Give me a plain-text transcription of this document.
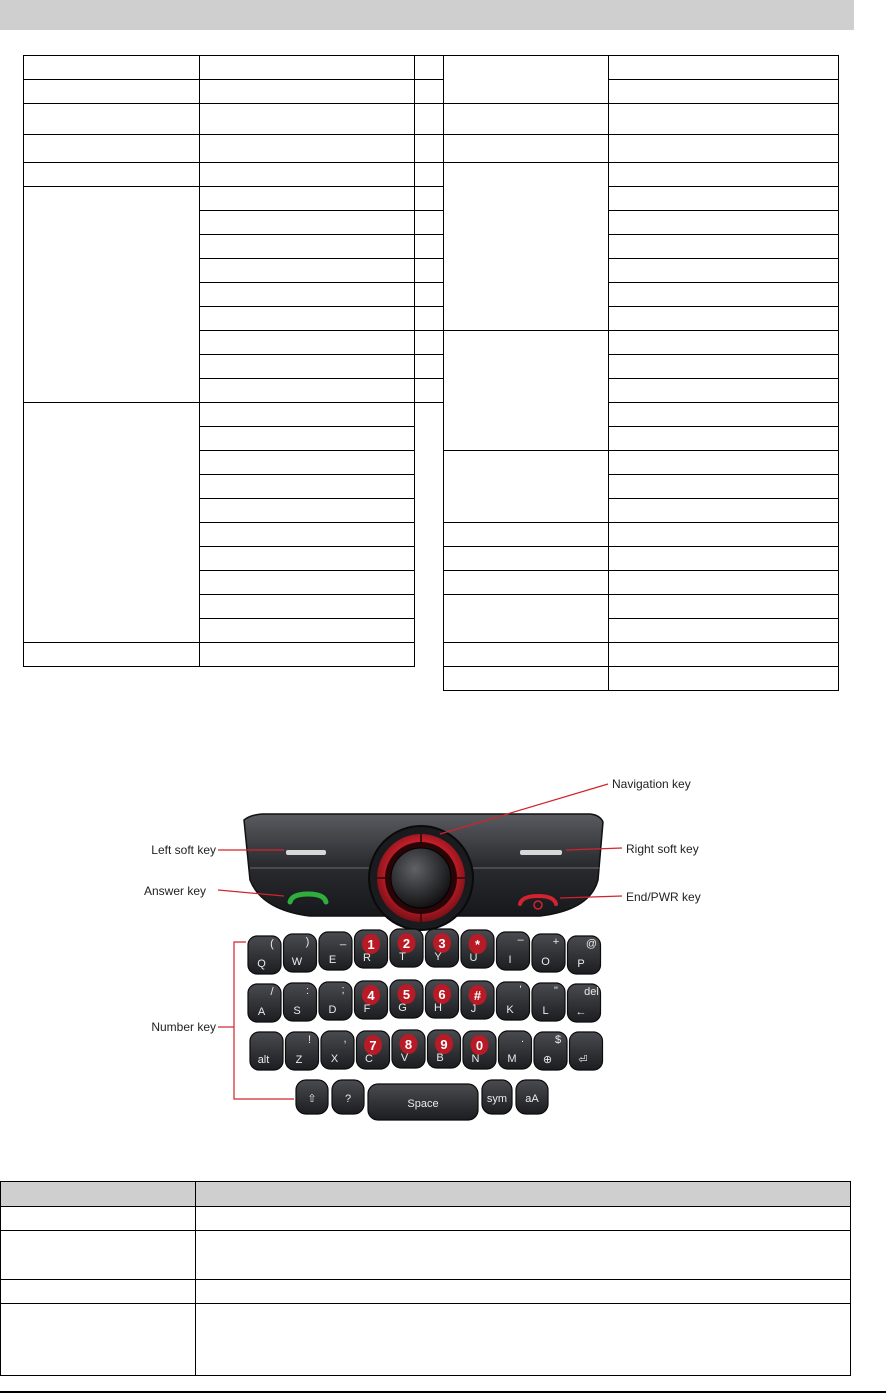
Navigation key
Left soft key	Right soft key
Answer key	End/PWR key
Number key
(
Q
)
W
_
E
1
R
2
T
3
Y
*
U
–
I
+
O
@
P
/
A
:
S
;
D
4
F
5
G
6
H
#
J
'
K
"
L
del
←
alt
!
Z
,
X
7
C
8
V
9
B
0
N
.
M
$
⊕ ⏎
⇧	?	Space	sym aA
